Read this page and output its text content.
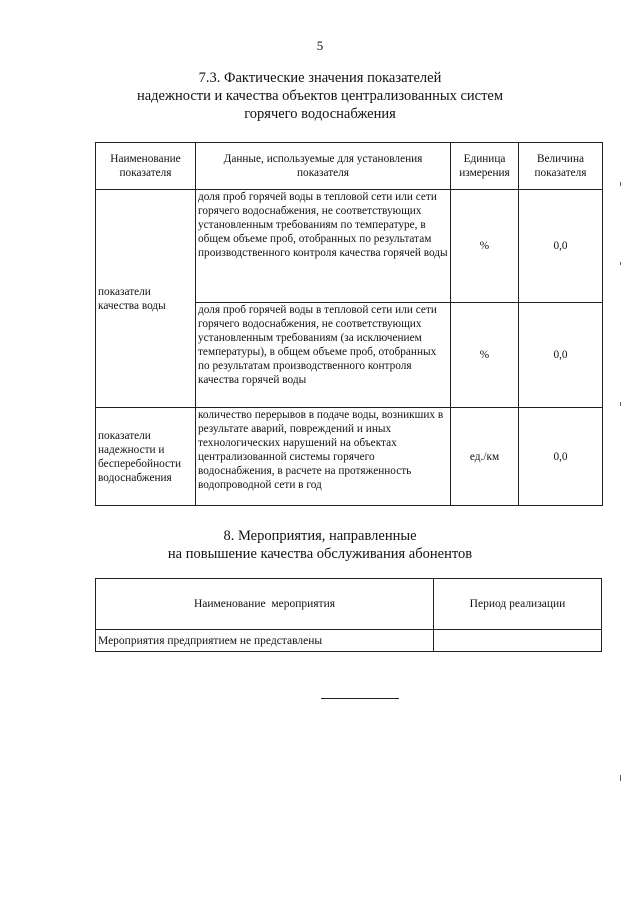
5
7.3. Фактические значения показателей
надежности и качества объектов централизованных систем
горячего водоснабжения
Наименование показателя	Данные, используемые для установления показателя	Единица измерения	Величина показателя
показатели качества воды	доля проб горячей воды в тепловой сети или сети горячего водоснабжения, не соответствующих установленным требованиям по температуре, в общем объеме проб, отобранных по результатам производственного контроля качества горячей воды	%	0,0
	доля проб горячей воды в тепловой сети или сети горячего водоснабжения, не соответствующих установленным требованиям (за исключением температуры), в общем объеме проб, отобранных по результатам производственного контроля качества горячей воды	%	0,0
показатели надежности и бесперебойности водоснабжения	количество перерывов в подаче воды, возникших в результате аварий, повреждений и иных технологических нарушений на объектах централизованной системы горячего водоснабжения, в расчете на протяженность водопроводной сети в год	ед./км	0,0
8. Мероприятия, направленные
на повышение качества обслуживания абонентов
Наименование  мероприятия	Период реализации
Мероприятия предприятием не представлены	
